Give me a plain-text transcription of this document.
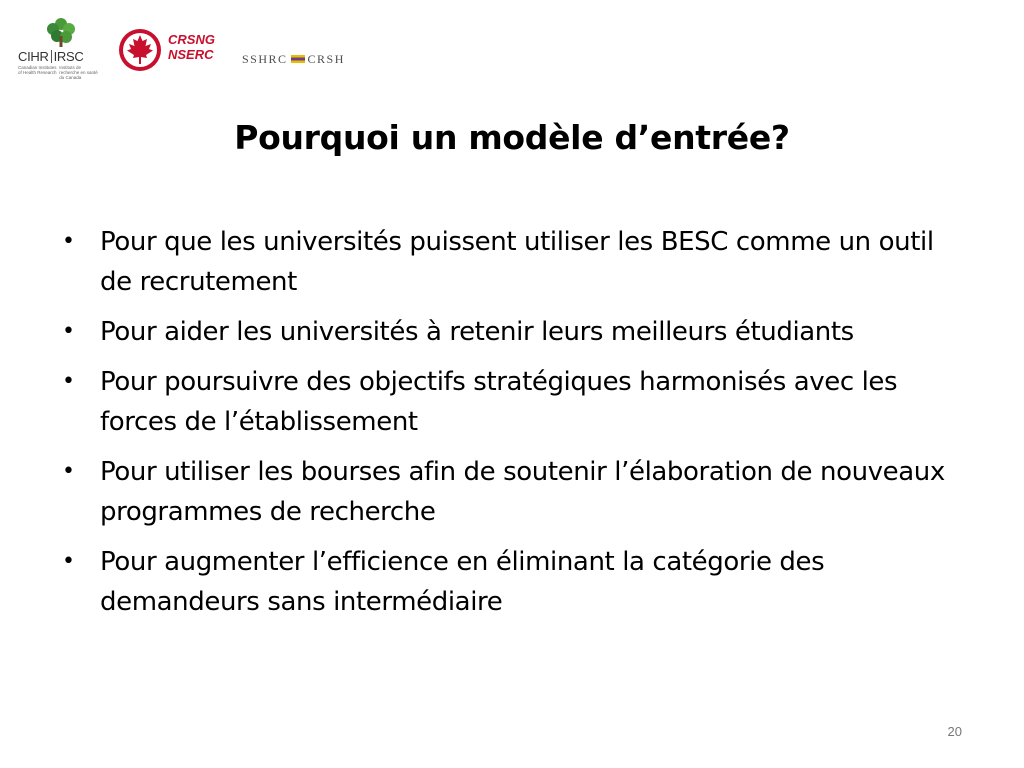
CIHR IRSC
Canadian Institutes of Health Research Instituts de recherche en santé du Canada
CRSNG
NSERC SSHRC CRSH
Pourquoi un modèle d’entrée?
• Pour que les universités puissent utiliser les BESC comme un outil de recrutement
• Pour aider les universités à retenir leurs meilleurs étudiants
• Pour poursuivre des objectifs stratégiques harmonisés avec les forces de l’établissement
• Pour utiliser les bourses afin de soutenir l’élaboration de nouveaux programmes de recherche
• Pour augmenter l’efficience en éliminant la catégorie des demandeurs sans intermédiaire
20
